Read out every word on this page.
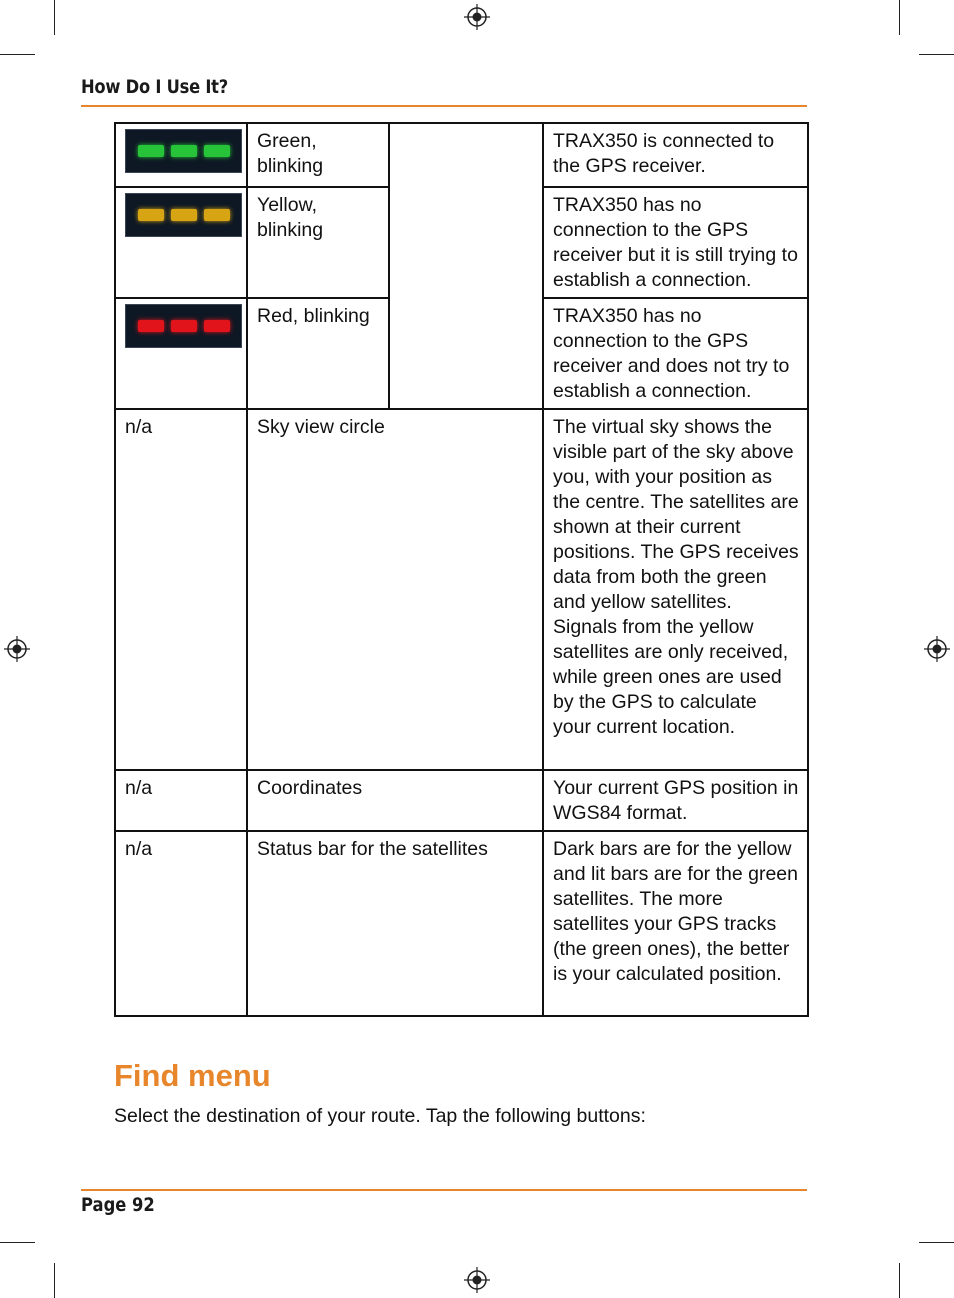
How Do I Use It?
	Green, blinking		TRAX350 is connected to the GPS receiver.

	Yellow, blinking		TRAX350 has no connection to the GPS receiver but it is still trying to establish a connection.

	Red, blinking		TRAX350 has no connection to the GPS receiver and does not try to establish a connection.
n/a	Sky view circle		The virtual sky shows the visible part of the sky above you, with your position as the centre. The satellites are shown at their current positions. The GPS receives data from both the green and yellow satellites. Signals from the yellow satellites are only received, while green ones are used by the GPS to calculate your current location.
n/a	Coordinates		Your current GPS position in WGS84 format.
n/a	Status bar for the satellites		Dark bars are for the yellow and lit bars are for the green satellites. The more satellites your GPS tracks (the green ones), the better is your calculated position.
Find menu
Select the destination of your route. Tap the following buttons:
Page 92
